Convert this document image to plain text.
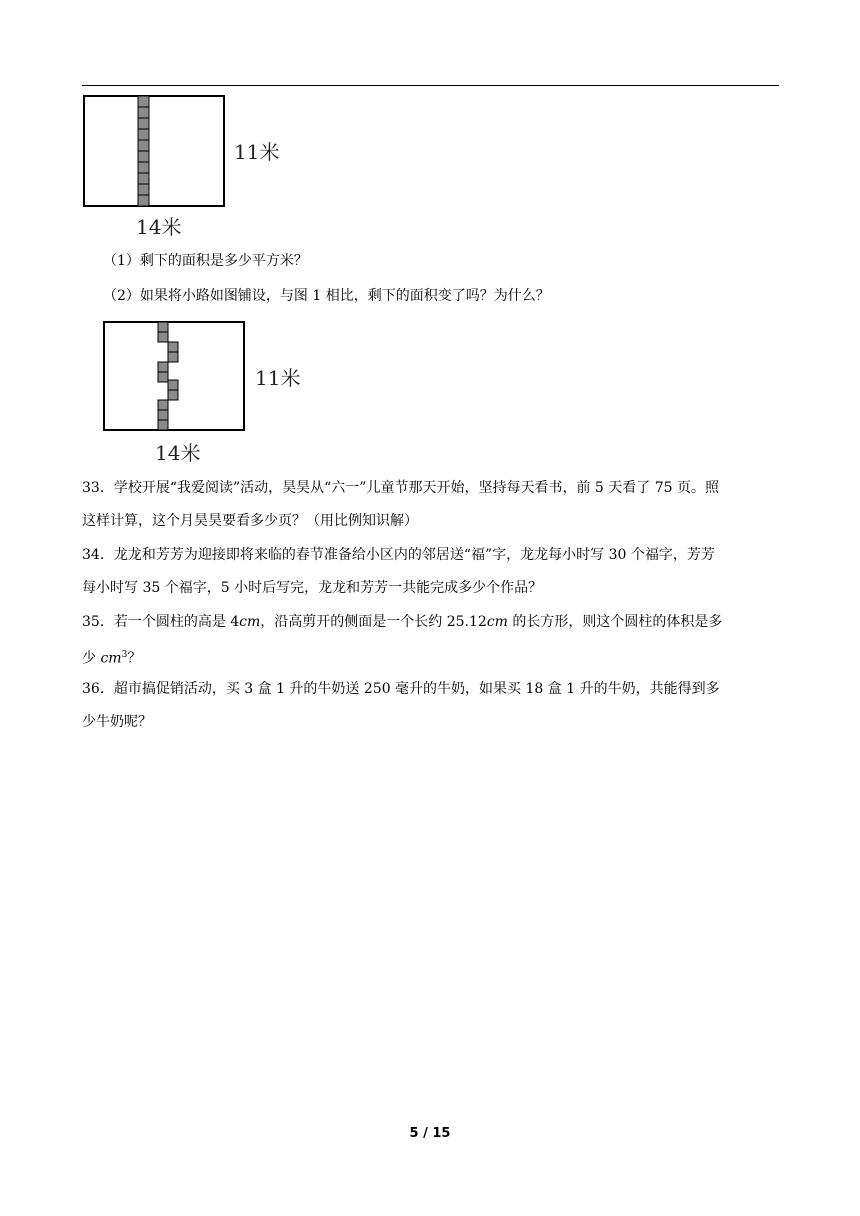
11米
14米
（1）剩下的面积是多少平方米？
（2）如果将小路如图铺设，与图 1 相比，剩下的面积变了吗？为什么？
11米
14米
33．学校开展“我爱阅读”活动，昊昊从“六一”儿童节那天开始，坚持每天看书，前 5 天看了 75 页。照
这样计算，这个月昊昊要看多少页？（用比例知识解）
34．龙龙和芳芳为迎接即将来临的春节准备给小区内的邻居送“福”字，龙龙每小时写 30 个福字，芳芳
每小时写 35 个福字，5 小时后写完，龙龙和芳芳一共能完成多少个作品？
35．若一个圆柱的高是 4cm，沿高剪开的侧面是一个长约 25.12cm 的长方形，则这个圆柱的体积是多
少 $cm^3$？
36．超市搞促销活动，买 3 盒 1 升的牛奶送 250 毫升的牛奶，如果买 18 盒 1 升的牛奶，共能得到多
少牛奶呢？
5 / 15
